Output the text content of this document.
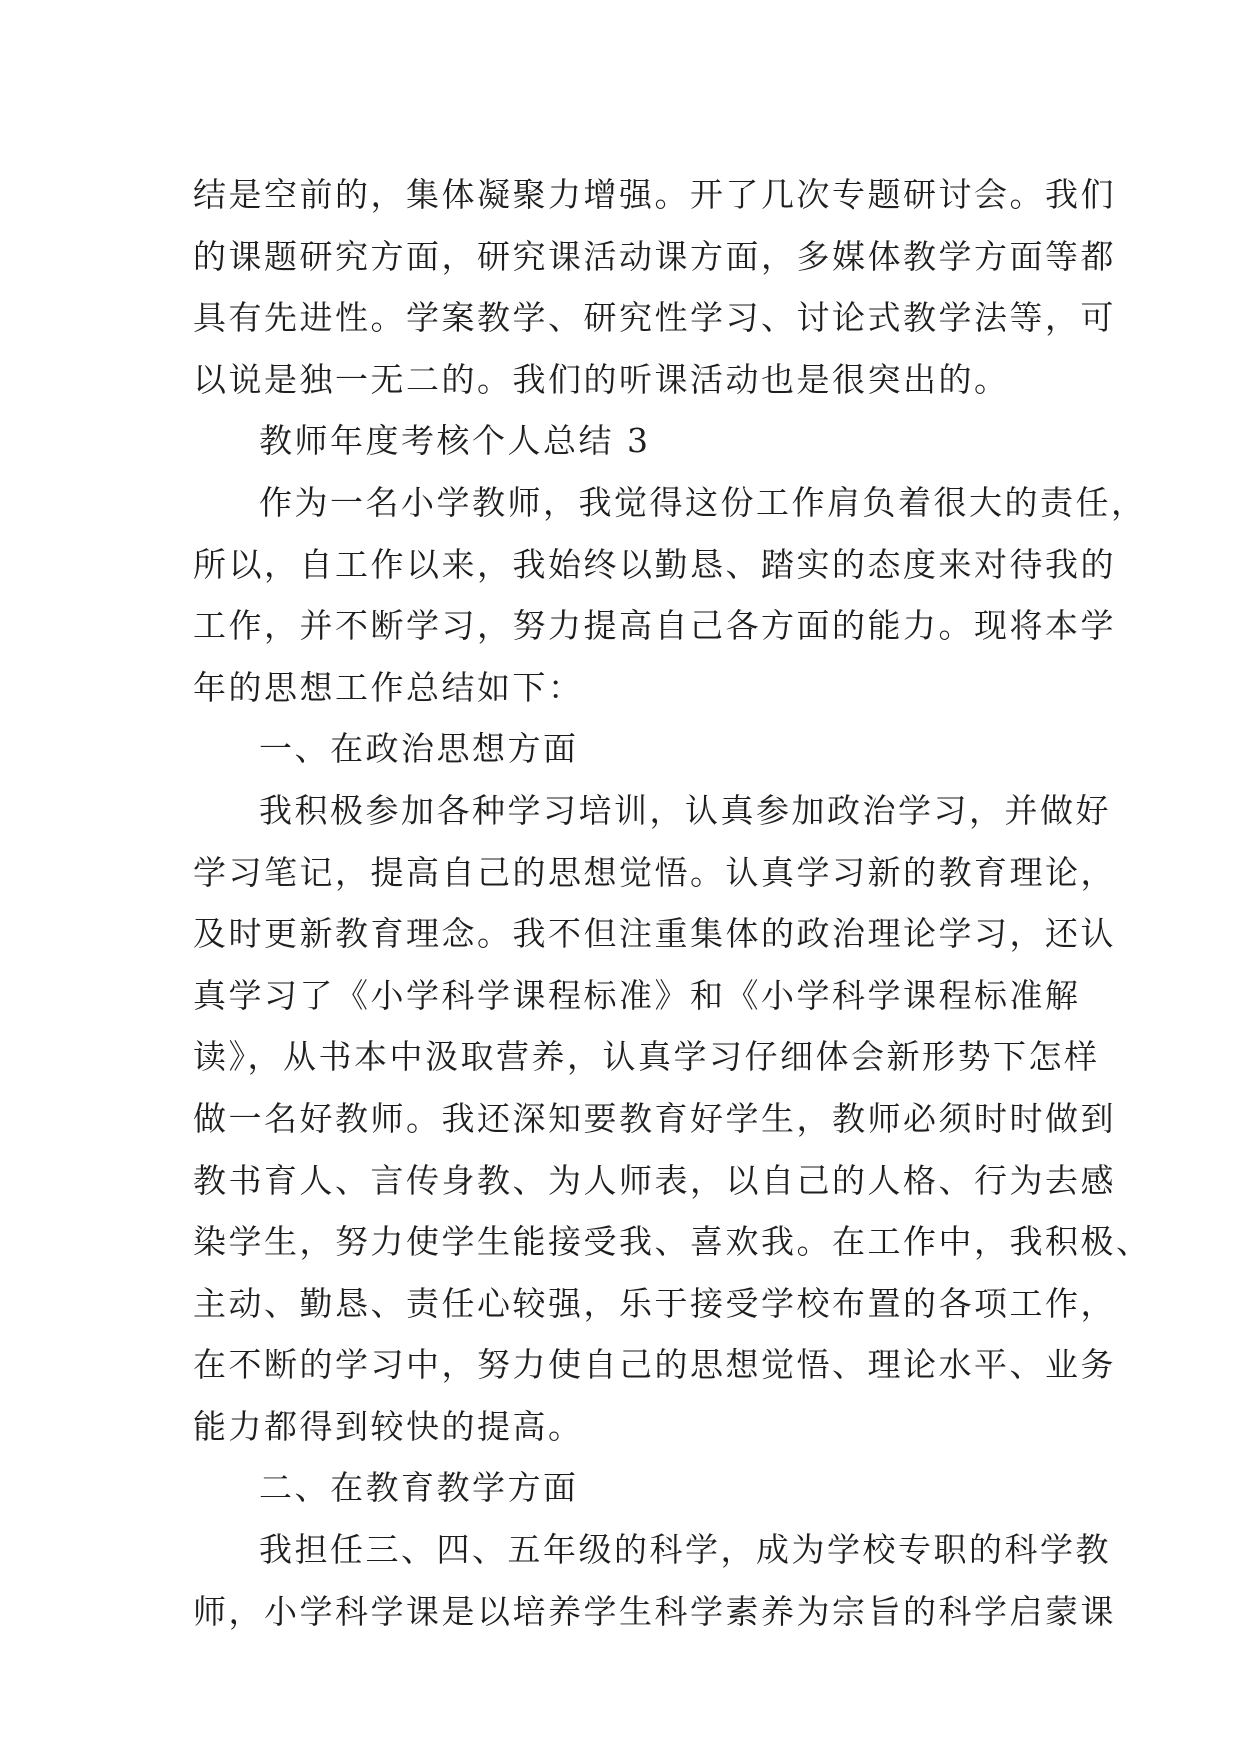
结是空前的，集体凝聚力增强。开了几次专题研讨会。我们
的课题研究方面，研究课活动课方面，多媒体教学方面等都
具有先进性。学案教学、研究性学习、讨论式教学法等，可
以说是独一无二的。我们的听课活动也是很突出的。
教师年度考核个人总结 3
作为一名小学教师，我觉得这份工作肩负着很大的责任，
所以，自工作以来，我始终以勤恳、踏实的态度来对待我的
工作，并不断学习，努力提高自己各方面的能力。现将本学
年的思想工作总结如下：
一、在政治思想方面
我积极参加各种学习培训，认真参加政治学习，并做好
学习笔记，提高自己的思想觉悟。认真学习新的教育理论，
及时更新教育理念。我不但注重集体的政治理论学习，还认
真学习了《小学科学课程标准》和《小学科学课程标准解
读》，从书本中汲取营养，认真学习仔细体会新形势下怎样
做一名好教师。我还深知要教育好学生，教师必须时时做到
教书育人、言传身教、为人师表，以自己的人格、行为去感
染学生，努力使学生能接受我、喜欢我。在工作中，我积极、
主动、勤恳、责任心较强，乐于接受学校布置的各项工作，
在不断的学习中，努力使自己的思想觉悟、理论水平、业务
能力都得到较快的提高。
二、在教育教学方面
我担任三、四、五年级的科学，成为学校专职的科学教
师，小学科学课是以培养学生科学素养为宗旨的科学启蒙课
